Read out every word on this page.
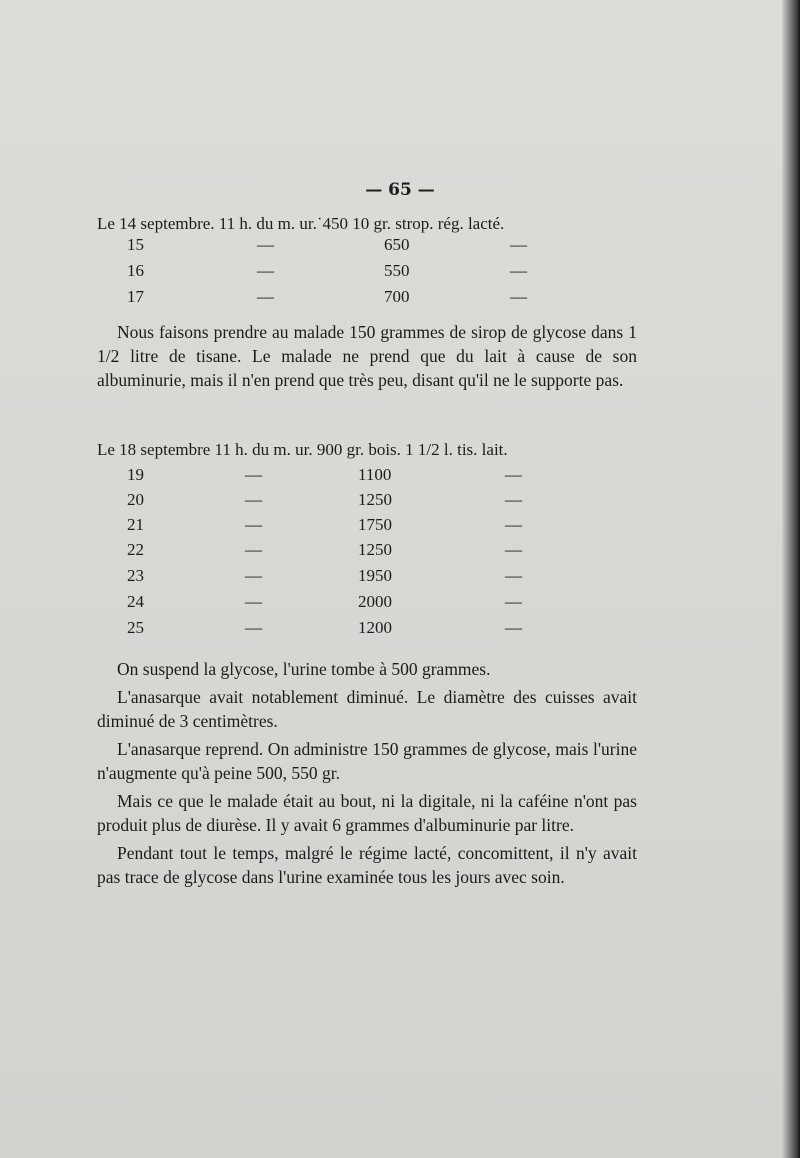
— 65 —
Le 14 septembre. 11 h. du m. ur.˙450 10 gr. strop. rég. lacté.
15	—	650	—
16	—	550	—
17	—	700	—

Nous faisons prendre au malade 150 grammes de sirop de glycose dans 1 1/2 litre de tisane. Le malade ne prend que du lait à cause de son albuminurie, mais il n'en prend que très peu, disant qu'il ne le supporte pas.

Le 18 septembre 11 h. du m. ur. 900 gr. bois. 1 1/2 l. tis. lait.
19	—	1100	—
20	—	1250	—
21	—	1750	—
22	—	1250	—
23	—	1950	—
24	—	2000	—
25	—	1200	—

On suspend la glycose, l'urine tombe à 500 grammes.

L'anasarque avait notablement diminué. Le diamètre des cuisses avait diminué de 3 centimètres.

L'anasarque reprend. On administre 150 grammes de glycose, mais l'urine n'augmente qu'à peine 500, 550 gr.

Mais ce que le malade était au bout, ni la digitale, ni la caféine n'ont pas produit plus de diurèse. Il y avait 6 grammes d'albuminurie par litre.

Pendant tout le temps, malgré le régime lacté, concomittent, il n'y avait pas trace de glycose dans l'urine examinée tous les jours avec soin.
